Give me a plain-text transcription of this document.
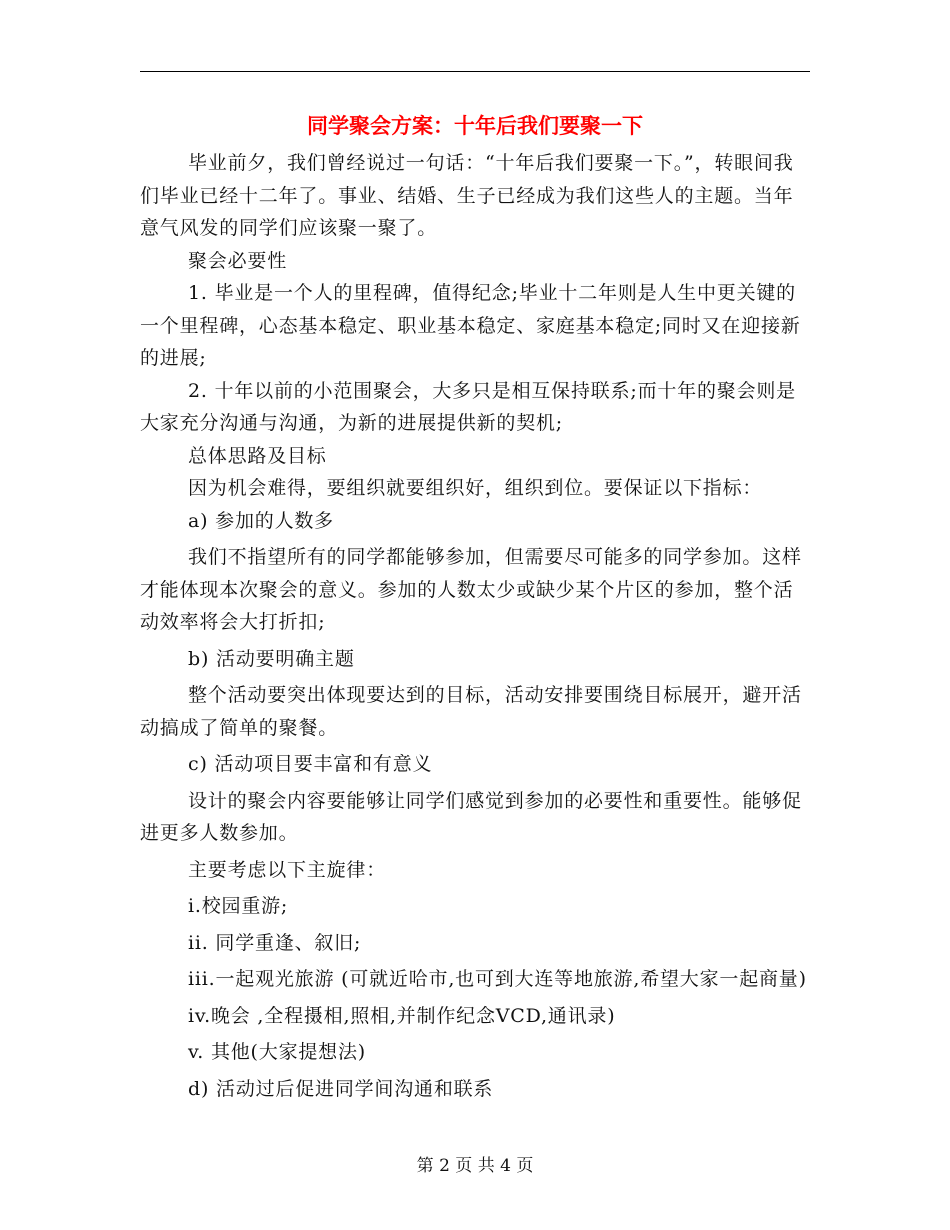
同学聚会方案：十年后我们要聚一下

毕业前夕，我们曾经说过一句话：“十年后我们要聚一下。”，转眼间我们毕业已经十二年了。事业、结婚、生子已经成为我们这些人的主题。当年意气风发的同学们应该聚一聚了。

聚会必要性

1. 毕业是一个人的里程碑，值得纪念;毕业十二年则是人生中更关键的一个里程碑，心态基本稳定、职业基本稳定、家庭基本稳定;同时又在迎接新的进展;

2. 十年以前的小范围聚会，大多只是相互保持联系;而十年的聚会则是大家充分沟通与沟通，为新的进展提供新的契机;

总体思路及目标

因为机会难得，要组织就要组织好，组织到位。要保证以下指标：

a) 参加的人数多

我们不指望所有的同学都能够参加，但需要尽可能多的同学参加。这样才能体现本次聚会的意义。参加的人数太少或缺少某个片区的参加，整个活动效率将会大打折扣;

b) 活动要明确主题

整个活动要突出体现要达到的目标，活动安排要围绕目标展开，避开活动搞成了简单的聚餐。

c) 活动项目要丰富和有意义

设计的聚会内容要能够让同学们感觉到参加的必要性和重要性。能够促进更多人数参加。

主要考虑以下主旋律：

i.校园重游;

ii. 同学重逢、叙旧;

iii.一起观光旅游 (可就近哈市,也可到大连等地旅游,希望大家一起商量)

iv.晚会 ,全程摄相,照相,并制作纪念VCD,通讯录)

v. 其他(大家提想法)

d) 活动过后促进同学间沟通和联系

第 2 页 共 4 页
